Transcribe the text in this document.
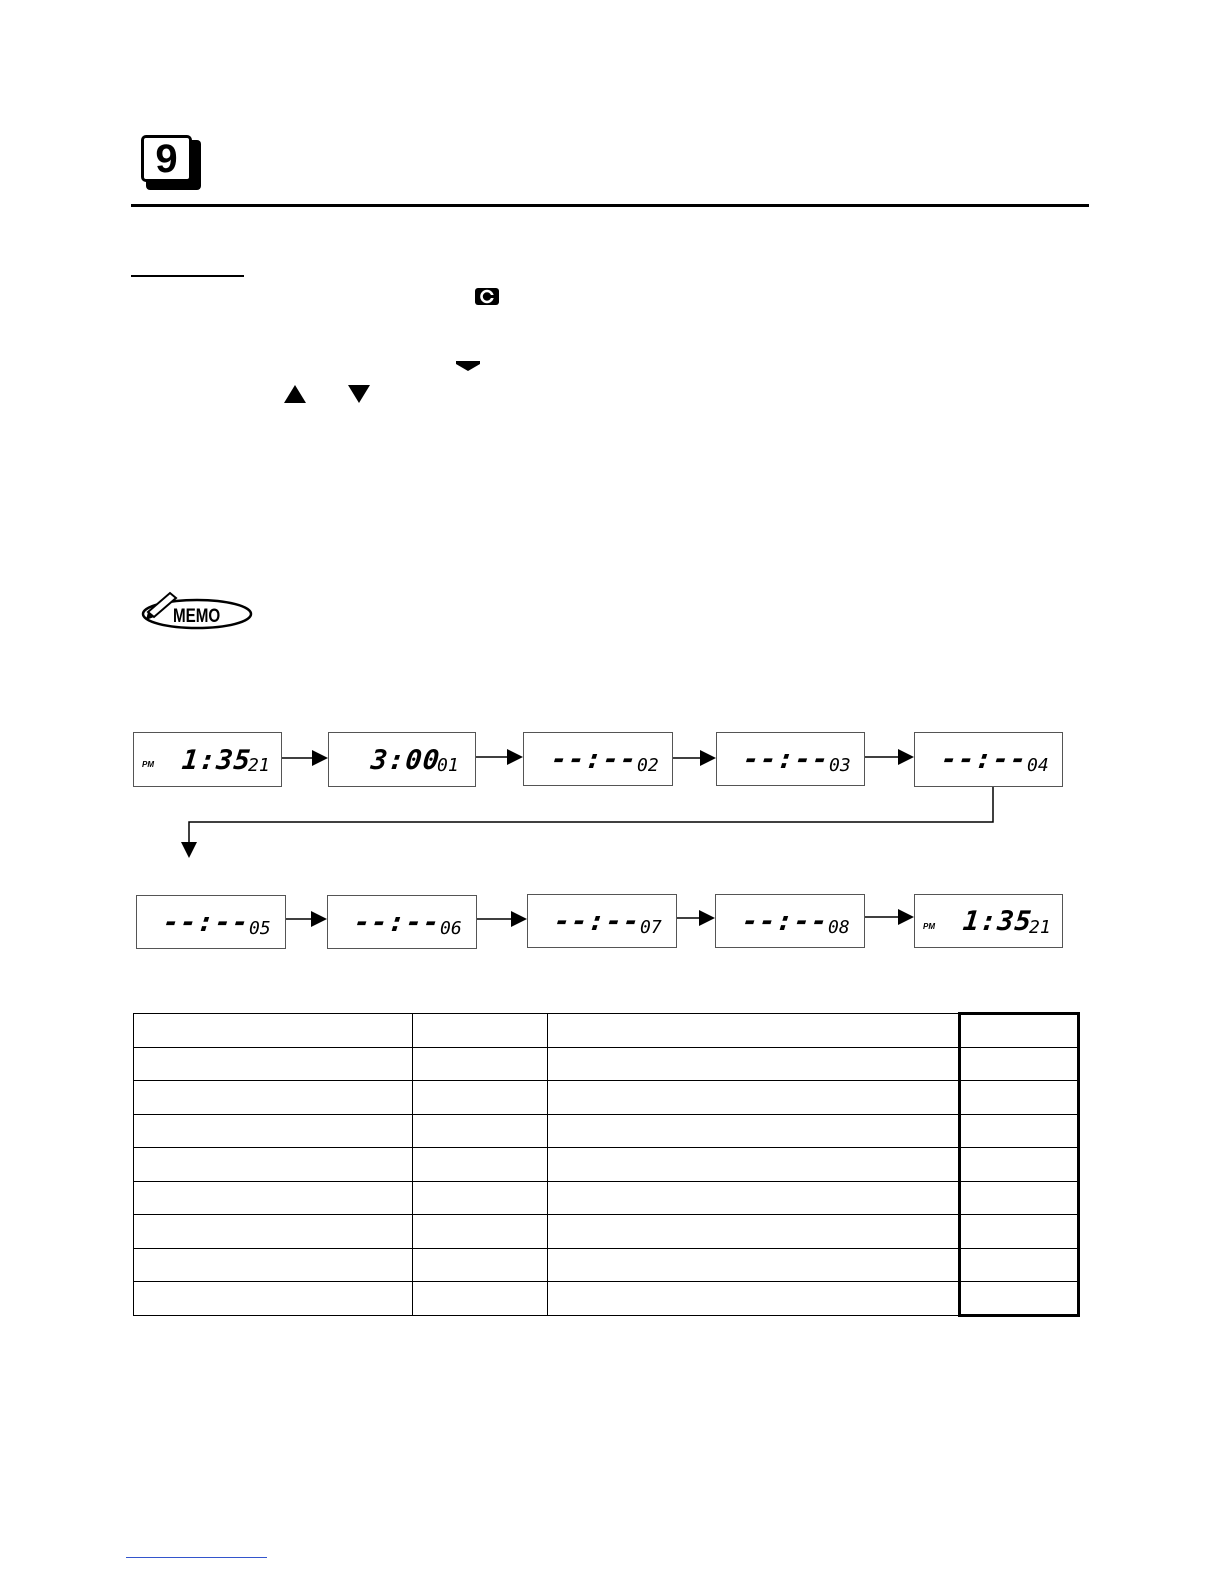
9
MEMO
PM 1:35
21	3:00
01	--:--
02	--:--
03	--:--
04
--:--
05	--:--
06	--:--
07	--:--
08	PM 1:35
21
